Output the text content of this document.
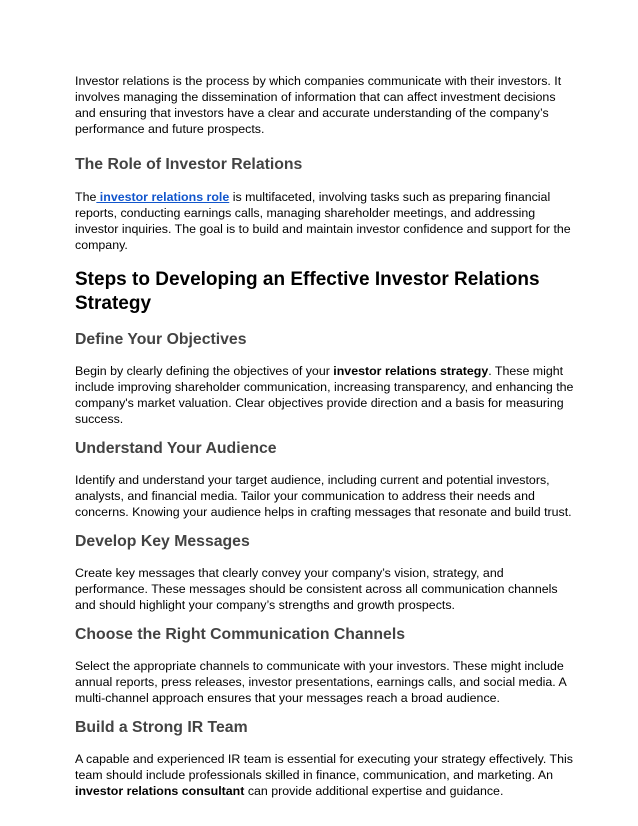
Investor relations is the process by which companies communicate with their investors. It involves managing the dissemination of information that can affect investment decisions and ensuring that investors have a clear and accurate understanding of the company’s performance and future prospects.

The Role of Investor Relations

The investor relations role is multifaceted, involving tasks such as preparing financial reports, conducting earnings calls, managing shareholder meetings, and addressing investor inquiries. The goal is to build and maintain investor confidence and support for the company.

Steps to Developing an Effective Investor Relations Strategy
Define Your Objectives

Begin by clearly defining the objectives of your investor relations strategy. These might include improving shareholder communication, increasing transparency, and enhancing the company's market valuation. Clear objectives provide direction and a basis for measuring success.

Understand Your Audience

Identify and understand your target audience, including current and potential investors, analysts, and financial media. Tailor your communication to address their needs and concerns. Knowing your audience helps in crafting messages that resonate and build trust.

Develop Key Messages

Create key messages that clearly convey your company’s vision, strategy, and performance. These messages should be consistent across all communication channels and should highlight your company’s strengths and growth prospects.

Choose the Right Communication Channels

Select the appropriate channels to communicate with your investors. These might include annual reports, press releases, investor presentations, earnings calls, and social media. A multi-channel approach ensures that your messages reach a broad audience.

Build a Strong IR Team

A capable and experienced IR team is essential for executing your strategy effectively. This team should include professionals skilled in finance, communication, and marketing. An investor relations consultant can provide additional expertise and guidance.
